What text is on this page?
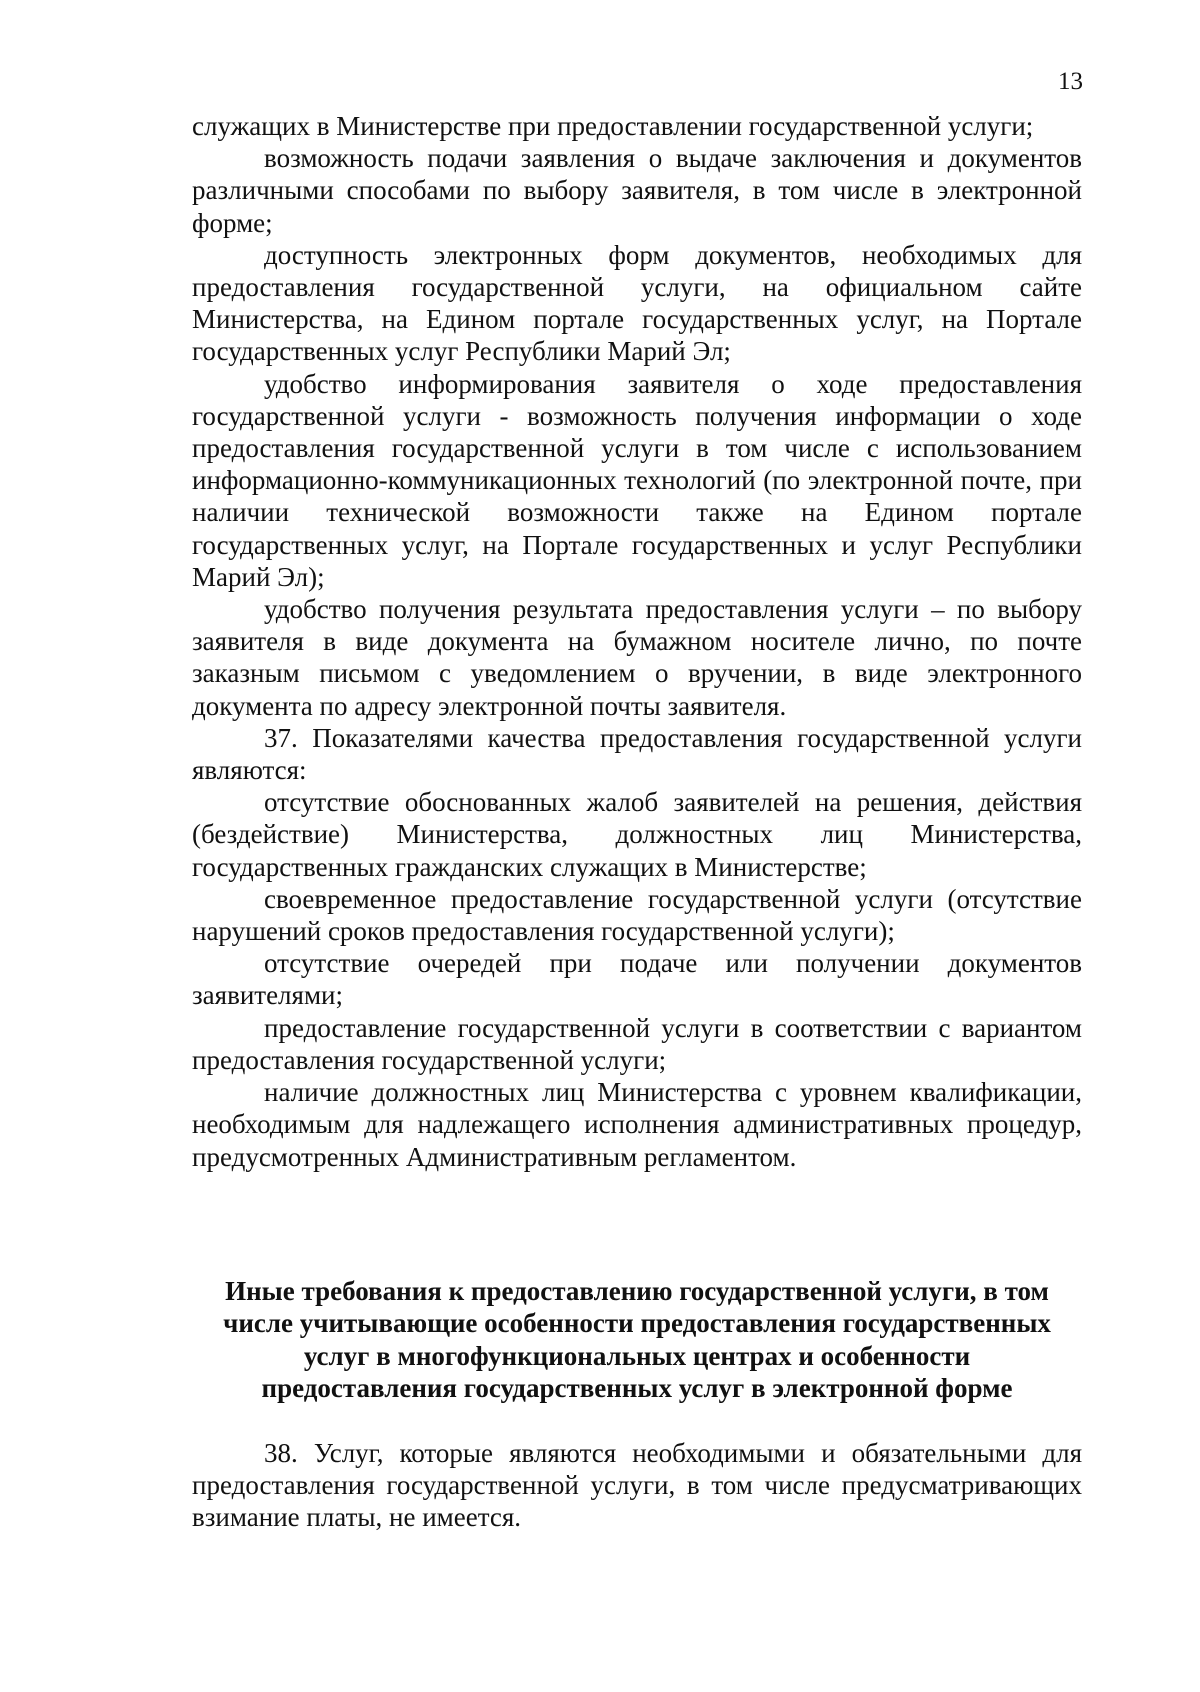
13

служащих в Министерстве при предоставлении государственной услуги;

возможность подачи заявления о выдаче заключения и документов различными способами по выбору заявителя, в том числе в электронной форме;

доступность электронных форм документов, необходимых для предоставления государственной услуги, на официальном сайте Министерства, на Едином портале государственных услуг, на Портале государственных услуг Республики Марий Эл;

удобство информирования заявителя о ходе предоставления государственной услуги - возможность получения информации о ходе предоставления государственной услуги в том числе с использованием информационно-коммуникационных технологий (по электронной почте, при наличии технической возможности также на Едином портале государственных услуг, на Портале государственных и услуг Республики Марий Эл);

удобство получения результата предоставления услуги – по выбору заявителя в виде документа на бумажном носителе лично, по почте заказным письмом с уведомлением о вручении, в виде электронного документа по адресу электронной почты заявителя.

37. Показателями качества предоставления государственной услуги являются:

отсутствие обоснованных жалоб заявителей на решения, действия (бездействие) Министерства, должностных лиц Министерства, государственных гражданских служащих в Министерстве;

своевременное предоставление государственной услуги (отсутствие нарушений сроков предоставления государственной услуги);

отсутствие очередей при подаче или получении документов заявителями;

предоставление государственной услуги в соответствии с вариантом предоставления государственной услуги;

наличие должностных лиц Министерства с уровнем квалификации, необходимым для надлежащего исполнения административных процедур, предусмотренных Административным регламентом.

Иные требования к предоставлению государственной услуги, в том
числе учитывающие особенности предоставления государственных
услуг в многофункциональных центрах и особенности
предоставления государственных услуг в электронной форме

38. Услуг, которые являются необходимыми и обязательными для предоставления государственной услуги, в том числе предусматривающих взимание платы, не имеется.
